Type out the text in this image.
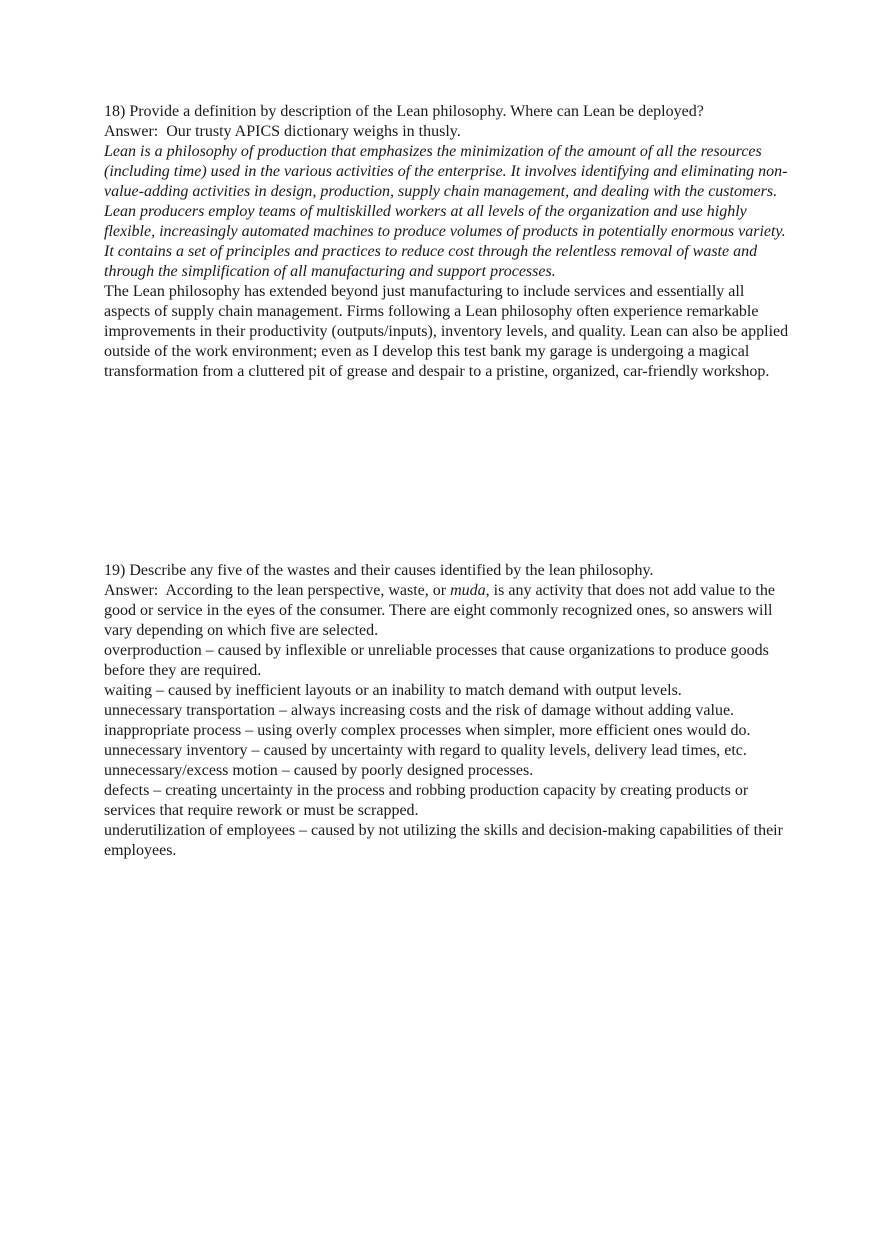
18) Provide a definition by description of the Lean philosophy. Where can Lean be deployed?
Answer:  Our trusty APICS dictionary weighs in thusly.
Lean is a philosophy of production that emphasizes the minimization of the amount of all the resources (including time) used in the various activities of the enterprise. It involves identifying and eliminating non-value-adding activities in design, production, supply chain management, and dealing with the customers. Lean producers employ teams of multiskilled workers at all levels of the organization and use highly flexible, increasingly automated machines to produce volumes of products in potentially enormous variety. It contains a set of principles and practices to reduce cost through the relentless removal of waste and through the simplification of all manufacturing and support processes.
The Lean philosophy has extended beyond just manufacturing to include services and essentially all aspects of supply chain management. Firms following a Lean philosophy often experience remarkable improvements in their productivity (outputs/inputs), inventory levels, and quality. Lean can also be applied outside of the work environment; even as I develop this test bank my garage is undergoing a magical transformation from a cluttered pit of grease and despair to a pristine, organized, car-friendly workshop.
19) Describe any five of the wastes and their causes identified by the lean philosophy.
Answer:  According to the lean perspective, waste, or muda, is any activity that does not add value to the good or service in the eyes of the consumer. There are eight commonly recognized ones, so answers will vary depending on which five are selected.
overproduction – caused by inflexible or unreliable processes that cause organizations to produce goods before they are required.
waiting – caused by inefficient layouts or an inability to match demand with output levels.
unnecessary transportation – always increasing costs and the risk of damage without adding value.
inappropriate process – using overly complex processes when simpler, more efficient ones would do.
unnecessary inventory – caused by uncertainty with regard to quality levels, delivery lead times, etc.
unnecessary/excess motion – caused by poorly designed processes.
defects – creating uncertainty in the process and robbing production capacity by creating products or services that require rework or must be scrapped.
underutilization of employees – caused by not utilizing the skills and decision-making capabilities of their employees.
